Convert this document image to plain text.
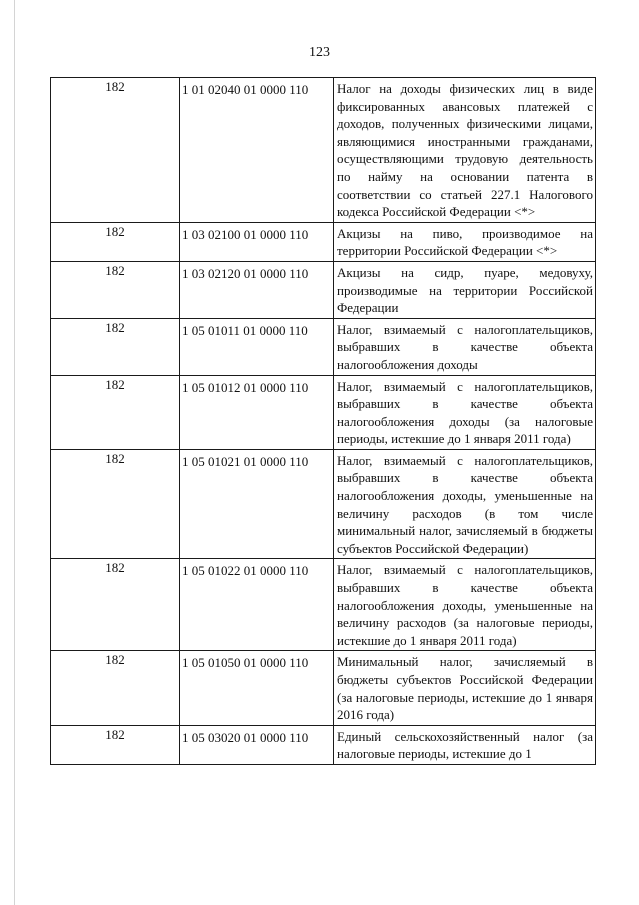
123
182	1 01 02040 01 0000 110	Налог на доходы физических лиц в виде фиксированных авансовых платежей с доходов, полученных физическими лицами, являющимися иностранными гражданами, осуществляющими трудовую деятельность по найму на основании патента в соответствии со статьей 227.1 Налогового кодекса Российской Федерации <*>
182	1 03 02100 01 0000 110	Акцизы на пиво, производимое на территории Российской Федерации <*>
182	1 03 02120 01 0000 110	Акцизы на сидр, пуаре, медовуху, производимые на территории Российской Федерации
182	1 05 01011 01 0000 110	Налог, взимаемый с налогоплательщиков, выбравших в качестве объекта налогообложения доходы
182	1 05 01012 01 0000 110	Налог, взимаемый с налогоплательщиков, выбравших в качестве объекта налогообложения доходы (за налоговые периоды, истекшие до 1 января 2011 года)
182	1 05 01021 01 0000 110	Налог, взимаемый с налогоплательщиков, выбравших в качестве объекта налогообложения доходы, уменьшенные на величину расходов (в том числе минимальный налог, зачисляемый в бюджеты субъектов Российской Федерации)
182	1 05 01022 01 0000 110	Налог, взимаемый с налогоплательщиков, выбравших в качестве объекта налогообложения доходы, уменьшенные на величину расходов (за налоговые периоды, истекшие до 1 января 2011 года)
182	1 05 01050 01 0000 110	Минимальный налог, зачисляемый в бюджеты субъектов Российской Федерации (за налоговые периоды, истекшие до 1 января 2016 года)
182	1 05 03020 01 0000 110	Единый сельскохозяйственный налог (за налоговые периоды, истекшие до 1
